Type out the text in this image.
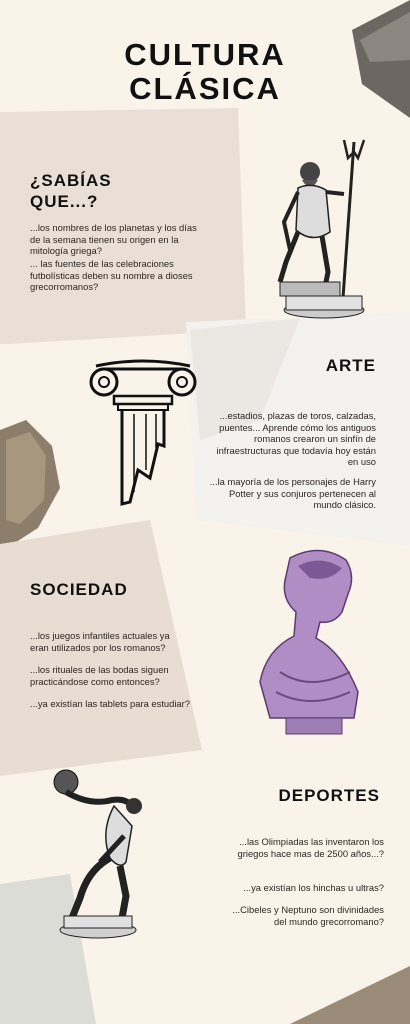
CULTURA
CLÁSICA
¿SABÍAS
QUE...?
...los nombres de los planetas y los días de la semana tienen su origen en la mitología griega?
... las fuentes de las celebraciones futbolísticas deben su nombre a dioses grecorromanos?
ARTE
...estadios, plazas de toros, calzadas, puentes... Aprende cómo los antiguos romanos crearon un sinfín de infraestructuras que todavía hoy están en uso
...la mayoría de los personajes de Harry Potter y sus conjuros pertenecen al mundo clásico.
SOCIEDAD
...los juegos infantiles actuales ya eran utilizados por los romanos?
...los rituales de las bodas siguen practicándose como entonces?
...ya existían las tablets para estudiar?
DEPORTES
...las Olimpiadas las inventaron los griegos hace mas de 2500 años...?
...ya existían los hinchas u ultras?
...Cibeles y Neptuno son divinidades del mundo grecorromano?
